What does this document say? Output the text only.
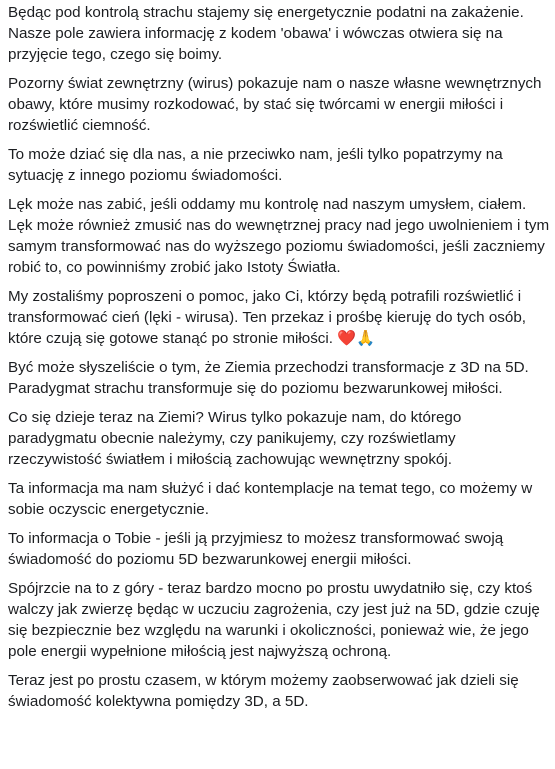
Będąc pod kontrolą strachu stajemy się energetycznie podatni na zakażenie. Nasze pole zawiera informację z kodem 'obawa' i wówczas otwiera się na przyjęcie tego, czego się boimy.

Pozorny świat zewnętrzny (wirus) pokazuje nam o nasze własne wewnętrznych obawy, które musimy rozkodować, by stać się twórcami w energii miłości i rozświetlić ciemność.

To może dziać się dla nas, a nie przeciwko nam, jeśli tylko popatrzymy na sytuację z innego poziomu świadomości.

Lęk może nas zabić, jeśli oddamy mu kontrolę nad naszym umysłem, ciałem. Lęk może również zmusić nas do wewnętrznej pracy nad jego uwolnieniem i tym samym transformować nas do wyższego poziomu świadomości, jeśli zaczniemy robić to, co powinniśmy zrobić jako Istoty Światła.

My zostaliśmy poproszeni o pomoc, jako Ci, którzy będą potrafili rozświetlić i transformować cień (lęki - wirusa). Ten przekaz i prośbę kieruję do tych osób, które czują się gotowe stanąć po stronie miłości. ❤️🙏

Być może słyszeliście o tym, że Ziemia przechodzi transformacje z 3D na 5D. Paradygmat strachu transformuje się do poziomu bezwarunkowej miłości.

Co się dzieje teraz na Ziemi? Wirus tylko pokazuje nam, do którego paradygmatu obecnie należymy, czy panikujemy, czy rozświetlamy rzeczywistość światłem i miłością zachowując wewnętrzny spokój.

Ta informacja ma nam służyć i dać kontemplacje na temat tego, co możemy w sobie oczyscic energetycznie.

To informacja o Tobie - jeśli ją przyjmiesz to możesz transformować swoją świadomość do poziomu 5D bezwarunkowej energii miłości.

Spójrzcie na to z góry - teraz bardzo mocno po prostu uwydatniło się, czy ktoś walczy jak zwierzę będąc w uczuciu zagrożenia, czy jest już na 5D, gdzie czuję się bezpiecznie bez względu na warunki i okoliczności, ponieważ wie, że jego pole energii wypełnione miłością jest najwyższą ochroną.

Teraz jest po prostu czasem, w którym możemy zaobserwować jak dzieli się świadomość kolektywna pomiędzy 3D, a 5D.
